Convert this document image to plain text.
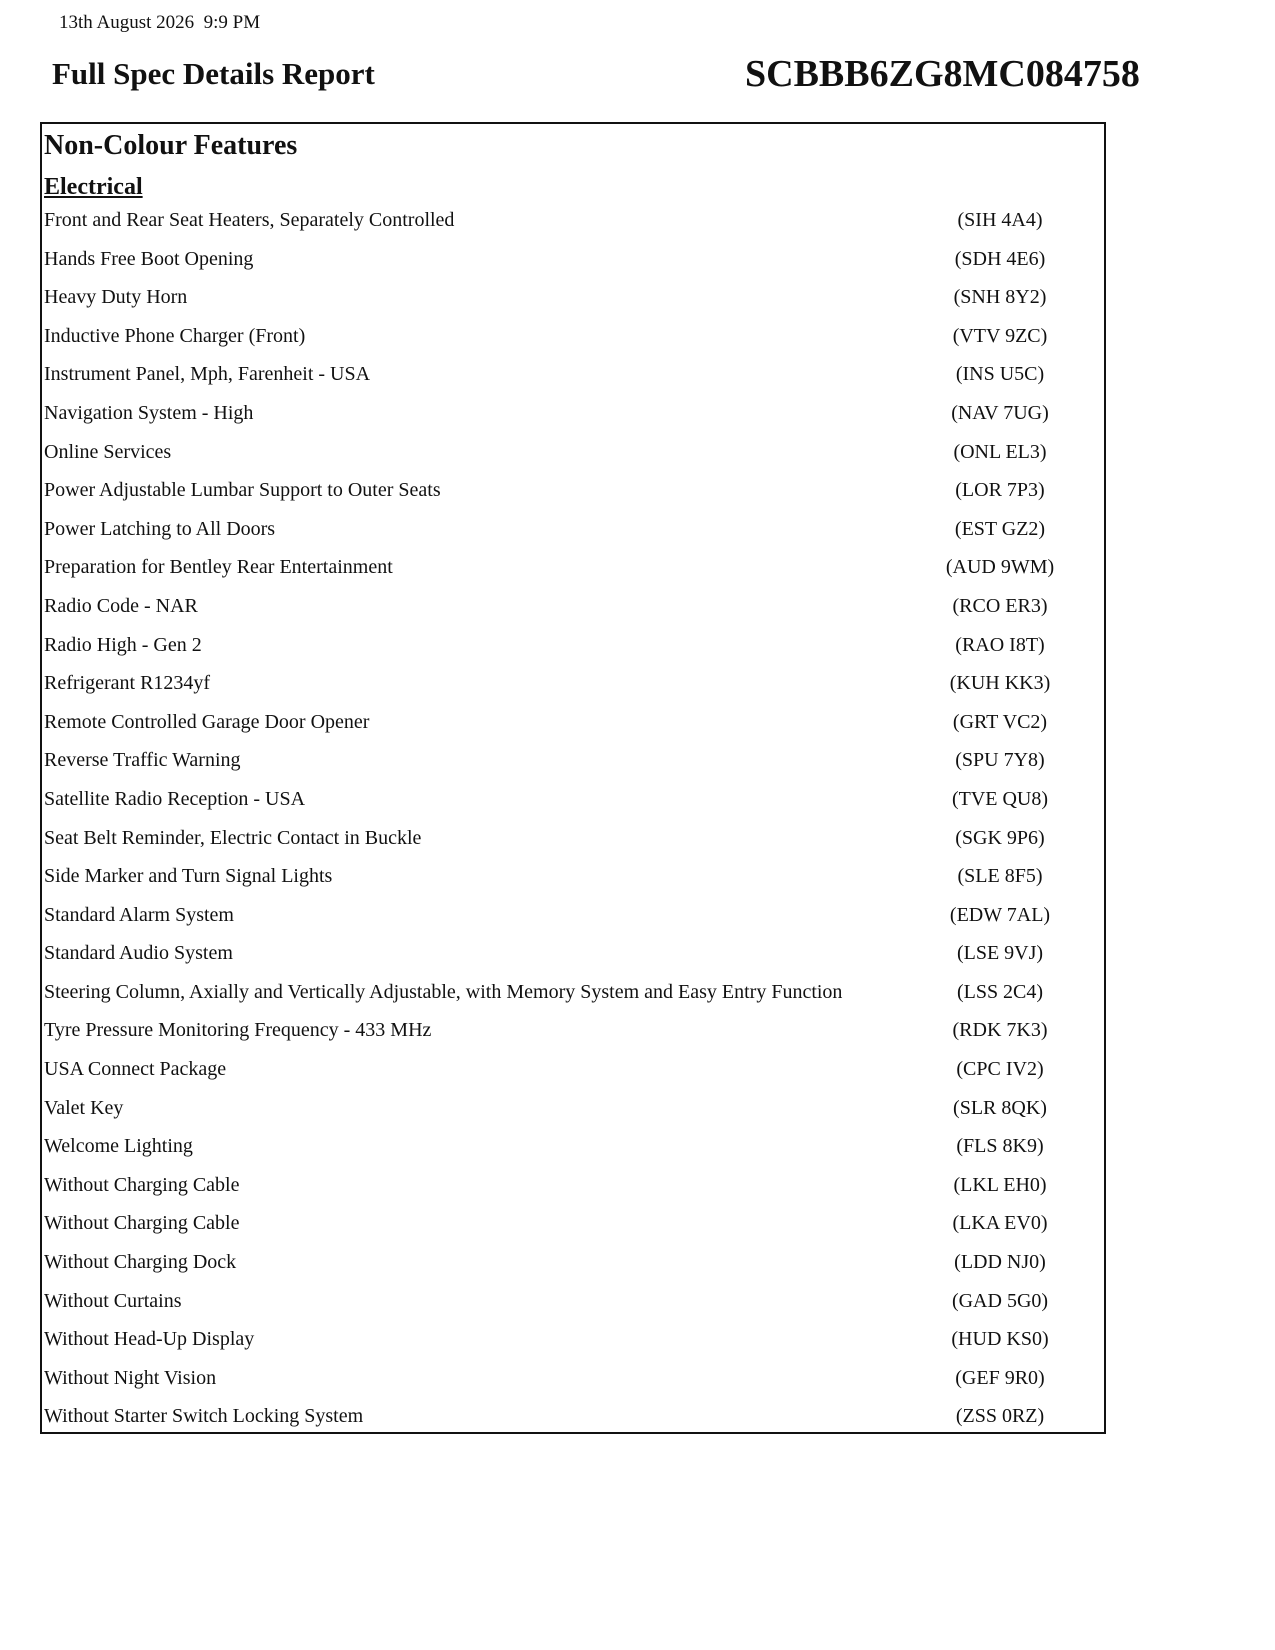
13th August 2026  9:9 PM
Full Spec Details Report	SCBBB6ZG8MC084758
Non-Colour Features
Electrical
Front and Rear Seat Heaters, Separately Controlled	(SIH 4A4)
Hands Free Boot Opening	(SDH 4E6)
Heavy Duty Horn	(SNH 8Y2)
Inductive Phone Charger (Front)	(VTV 9ZC)
Instrument Panel, Mph, Farenheit - USA	(INS U5C)
Navigation System - High	(NAV 7UG)
Online Services	(ONL EL3)
Power Adjustable Lumbar Support to Outer Seats	(LOR 7P3)
Power Latching to All Doors	(EST GZ2)
Preparation for Bentley Rear Entertainment	(AUD 9WM)
Radio Code - NAR	(RCO ER3)
Radio High - Gen 2	(RAO I8T)
Refrigerant R1234yf	(KUH KK3)
Remote Controlled Garage Door Opener	(GRT VC2)
Reverse Traffic Warning	(SPU 7Y8)
Satellite Radio Reception - USA	(TVE QU8)
Seat Belt Reminder, Electric Contact in Buckle	(SGK 9P6)
Side Marker and Turn Signal Lights	(SLE 8F5)
Standard Alarm System	(EDW 7AL)
Standard Audio System	(LSE 9VJ)
Steering Column, Axially and Vertically Adjustable, with Memory System and Easy Entry Function	(LSS 2C4)
Tyre Pressure Monitoring Frequency - 433 MHz	(RDK 7K3)
USA Connect Package	(CPC IV2)
Valet Key	(SLR 8QK)
Welcome Lighting	(FLS 8K9)
Without Charging Cable	(LKL EH0)
Without Charging Cable	(LKA EV0)
Without Charging Dock	(LDD NJ0)
Without Curtains	(GAD 5G0)
Without Head-Up Display	(HUD KS0)
Without Night Vision	(GEF 9R0)
Without Starter Switch Locking System	(ZSS 0RZ)
